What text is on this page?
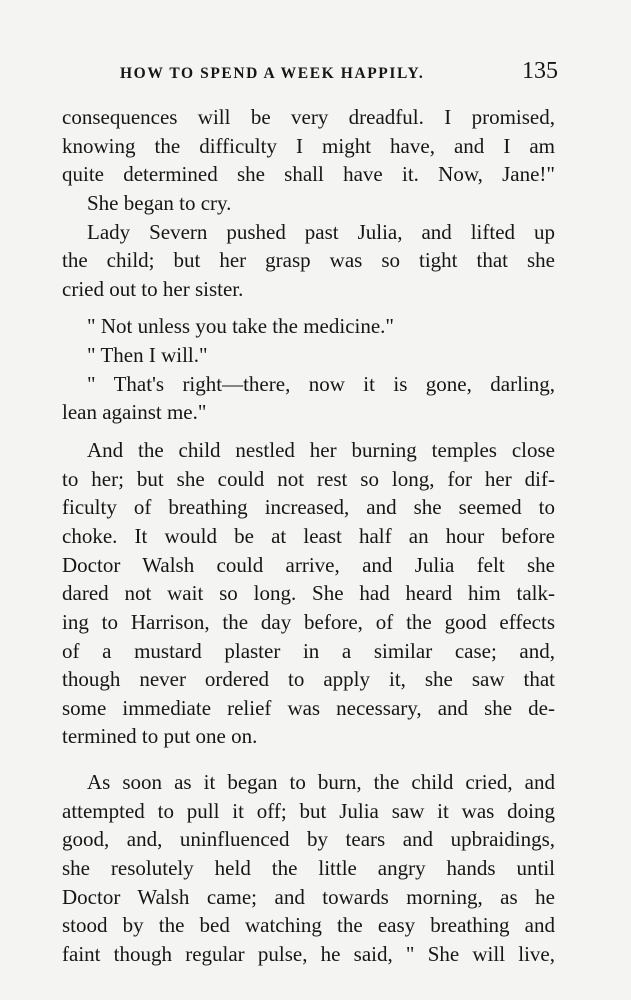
HOW TO SPEND A WEEK HAPPILY.	135
consequences will be very dreadful. I promised,
knowing the difficulty I might have, and I am
quite determined she shall have it. Now, Jane!"
She began to cry.
Lady Severn pushed past Julia, and lifted up
the child; but her grasp was so tight that she
cried out to her sister.
" Not unless you take the medicine."
" Then I will."
" That's right—there, now it is gone, darling,
lean against me."
And the child nestled her burning temples close
to her; but she could not rest so long, for her dif-
ficulty of breathing increased, and she seemed to
choke. It would be at least half an hour before
Doctor Walsh could arrive, and Julia felt she
dared not wait so long. She had heard him talk-
ing to Harrison, the day before, of the good effects
of a mustard plaster in a similar case; and,
though never ordered to apply it, she saw that
some immediate relief was necessary, and she de-
termined to put one on.
As soon as it began to burn, the child cried, and
attempted to pull it off; but Julia saw it was doing
good, and, uninfluenced by tears and upbraidings,
she resolutely held the little angry hands until
Doctor Walsh came; and towards morning, as he
stood by the bed watching the easy breathing and
faint though regular pulse, he said, " She will live,
